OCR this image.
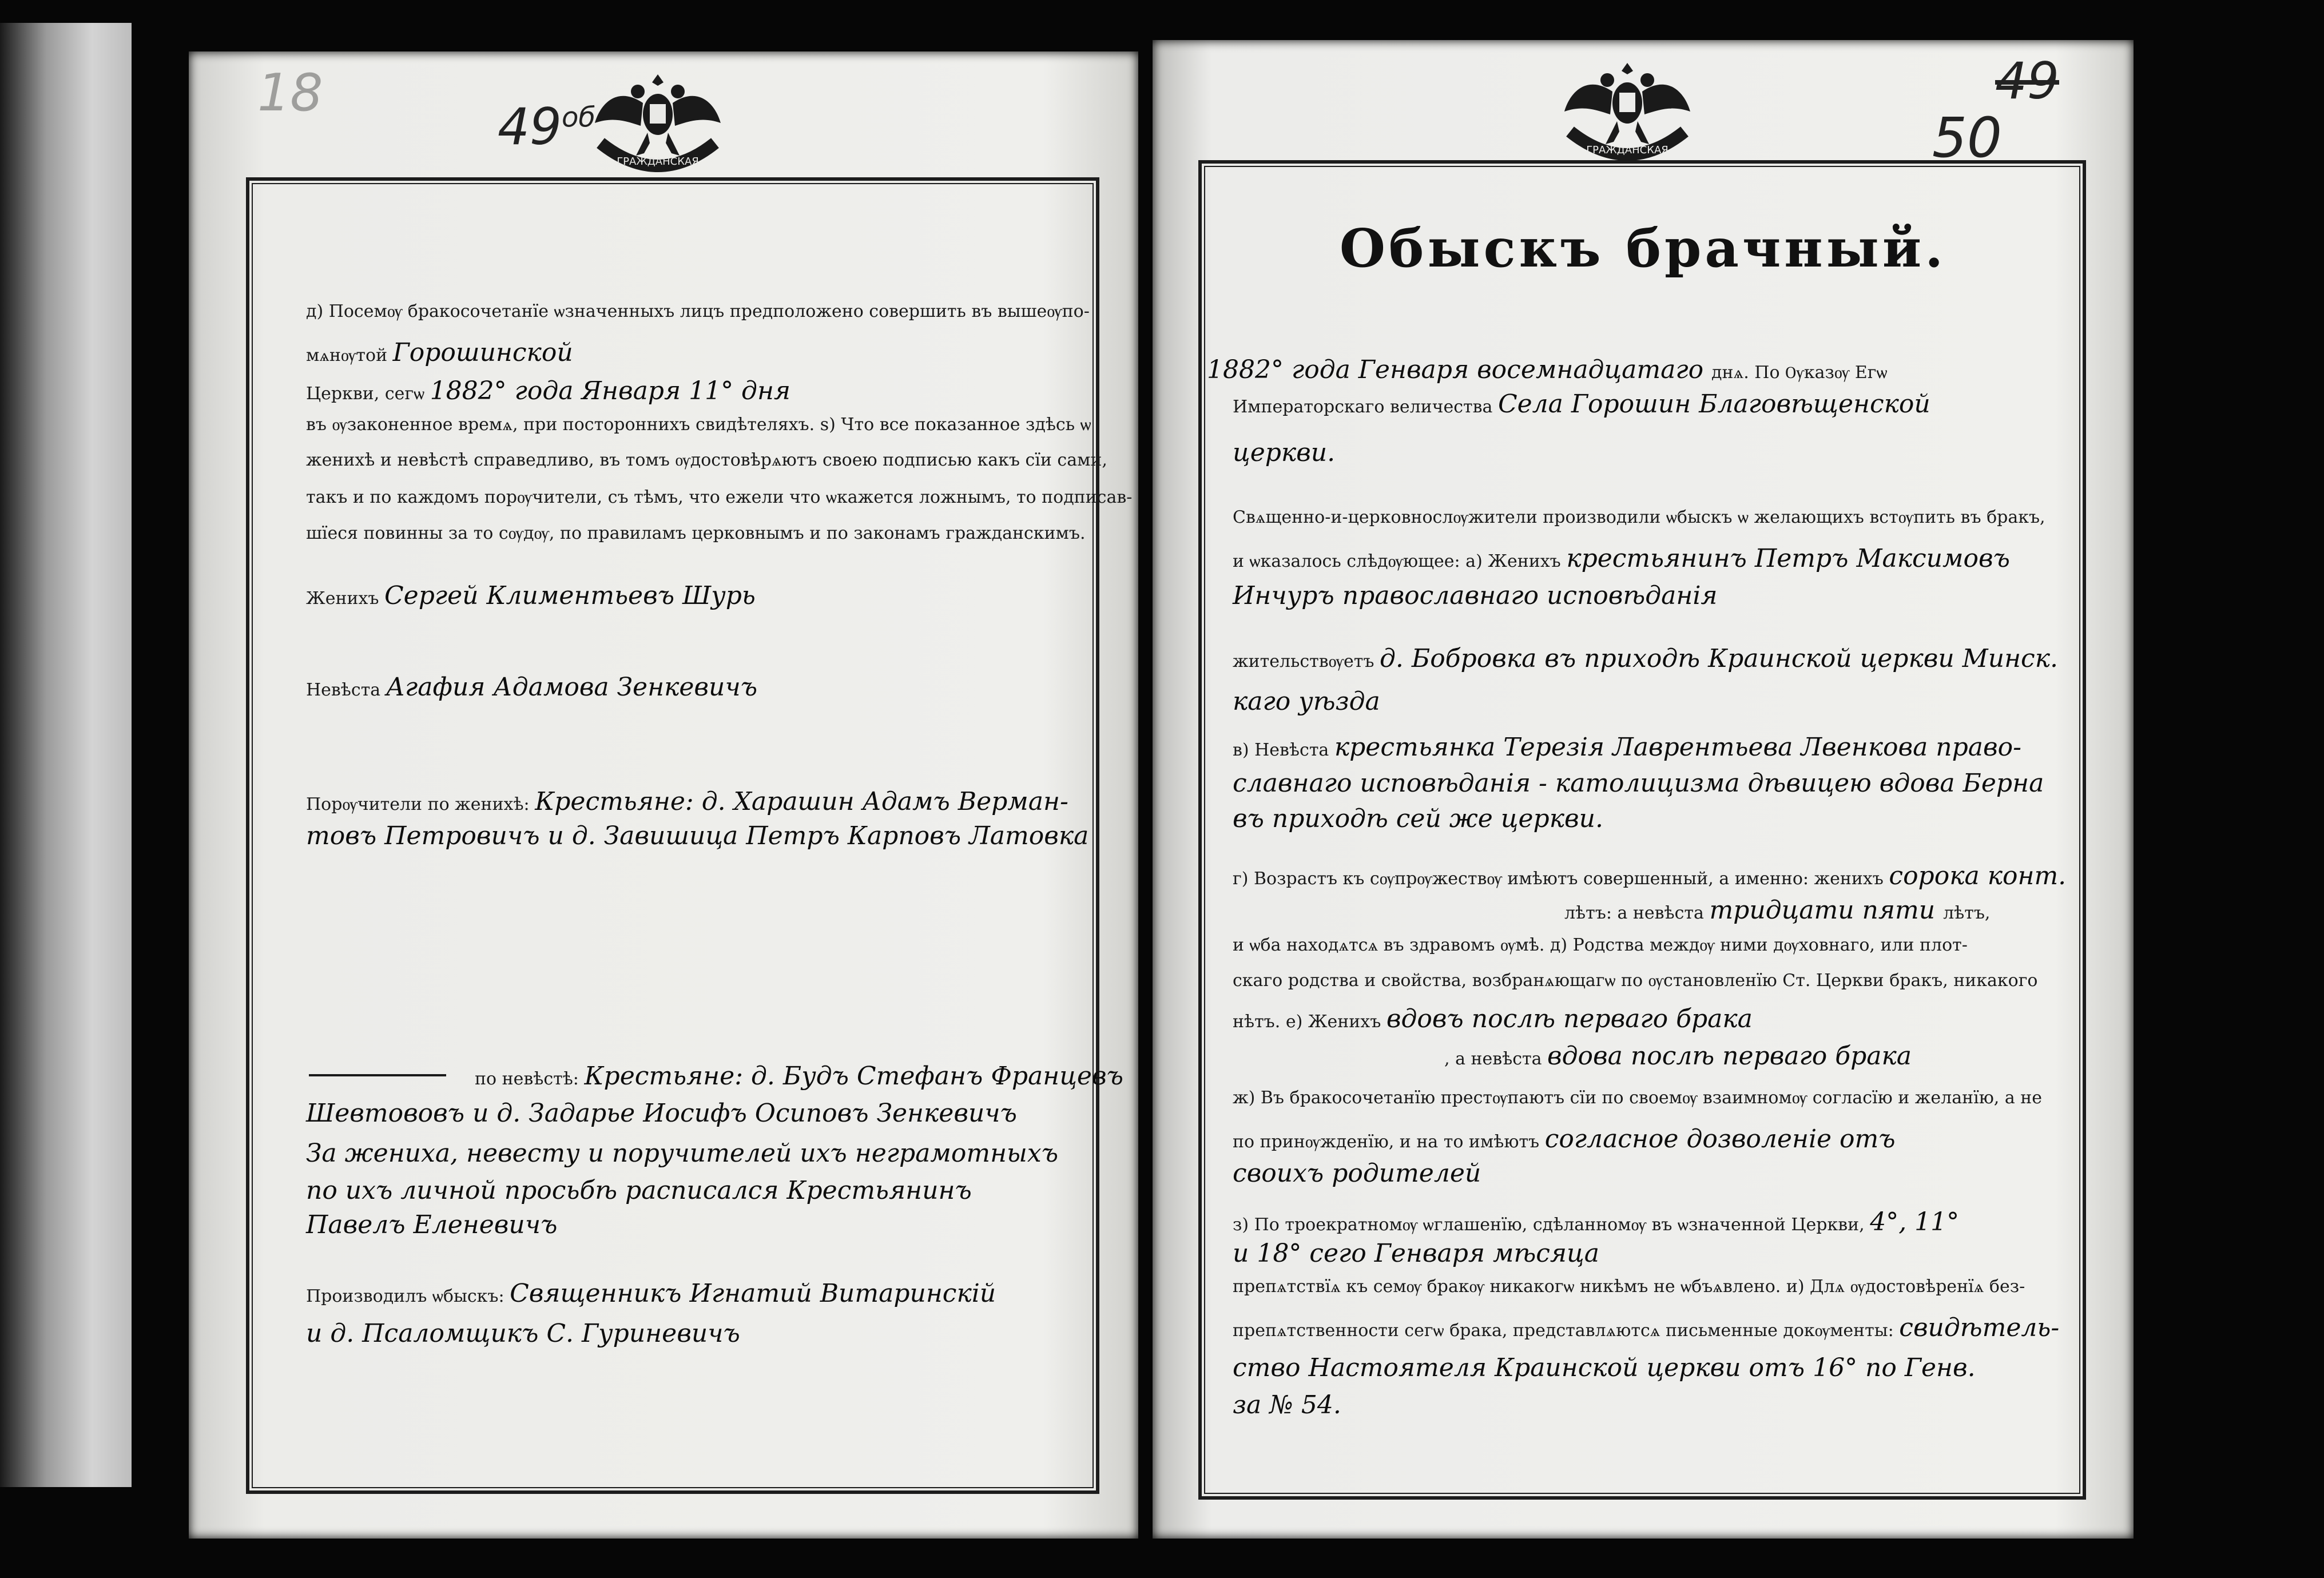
18
$49^{об}$
ГРАЖДАНСКАЯ
д) Посемѹ бракосочетанїе ѡзначенныхъ лицъ предположено совершить въ вышеѹпо-
мѧнѹтой Горошинской
Церкви, сегѡ 1882° года Января 11° дня
въ ѹзаконенное времѧ, при постороннихъ свидѣтеляхъ. ѕ) Что все показанное здѣсь ѡ
женихѣ и невѣстѣ справедливо, въ томъ ѹдостовѣрѧютъ своею подписью какъ сїи сами,
такъ и по каждомъ порѹчители, съ тѣмъ, что ежели что ѡкажется ложнымъ, то подписав-
шїеся повинны за то сѹдѹ, по правиламъ церковнымъ и по законамъ гражданскимъ.
Женихъ Сергей Климентьевъ Шурь
Невѣста Агафия Адамова Зенкевичъ
Порѹчители по женихѣ: Крестьяне: д. Харашин Адамъ Верман-
товъ Петровичъ и д. Завишица Петръ Карповъ Латовка
по невѣстѣ: Крестьяне: д. Будъ Стефанъ Францевъ
Шевтововъ и д. Задарье Иосифъ Осиповъ Зенкевичъ
За жениха, невесту и поручителей ихъ неграмотныхъ
по ихъ личной просьбѣ расписался Крестьянинъ
Павелъ Еленевичъ
Производилъ ѡбыскъ: Священникъ Игнатий Витаринскій
и д. Псаломщикъ С. Гуриневичъ
49
50
ГРАЖДАНСКАЯ
Обыскъ брачный.
1882° года Генваря восемнадцатаго днѧ. По Ѹказѹ Егѡ
Императорскаго величества Села Горошин Благовѣщенской
церкви.
Свѧщенно-и-церковнослѹжители производили ѡбыскъ ѡ желающихъ встѹпить въ бракъ,
и ѡказалось слѣдѹющее: а) Женихъ крестьянинъ Петръ Максимовъ
Инчуръ православнаго исповѣданія
жительствѹетъ д. Бобровка въ приходѣ Краинской церкви Минск.
каго уѣзда
в) Невѣста крестьянка Терезія Лаврентьева Лвенкова право-
славнаго исповѣданія - католицизма дѣвицею вдова Берна
въ приходѣ сей же церкви.
г) Возрастъ къ сѹпрѹжествѹ имѣютъ совершенный, а именно: женихъ сорока конт.
лѣтъ: а невѣста тридцати пяти лѣтъ,
и ѡба находѧтсѧ въ здравомъ ѹмѣ. д) Родства междѹ ними дѹховнаго, или плот-
скаго родства и свойства, возбранѧющагѡ по ѹстановленїю Ст. Церкви бракъ, никакого
нѣтъ. е) Женихъ вдовъ послѣ перваго брака
, а невѣста вдова послѣ перваго брака
ж) Въ бракосочетанїю престѹпаютъ сїи по своемѹ взаимномѹ согласїю и желанїю, а не
по принѹжденїю, и на то имѣютъ согласное дозволеніе отъ
своихъ родителей
з) По троекратномѹ ѡглашенїю, сдѣланномѹ въ ѡзначенной Церкви, 4°, 11°
и 18° сего Генваря мѣсяца
препѧтствїѧ къ семѹ бракѹ никакогѡ никѣмъ не ѡбъѧвлено. и) Длѧ ѹдостовѣренїѧ без-
препѧтственности сегѡ брака, представлѧютсѧ письменные докѹменты: свидѣтель-
ство Настоятеля Краинской церкви отъ 16° по Генв.
за № 54.
